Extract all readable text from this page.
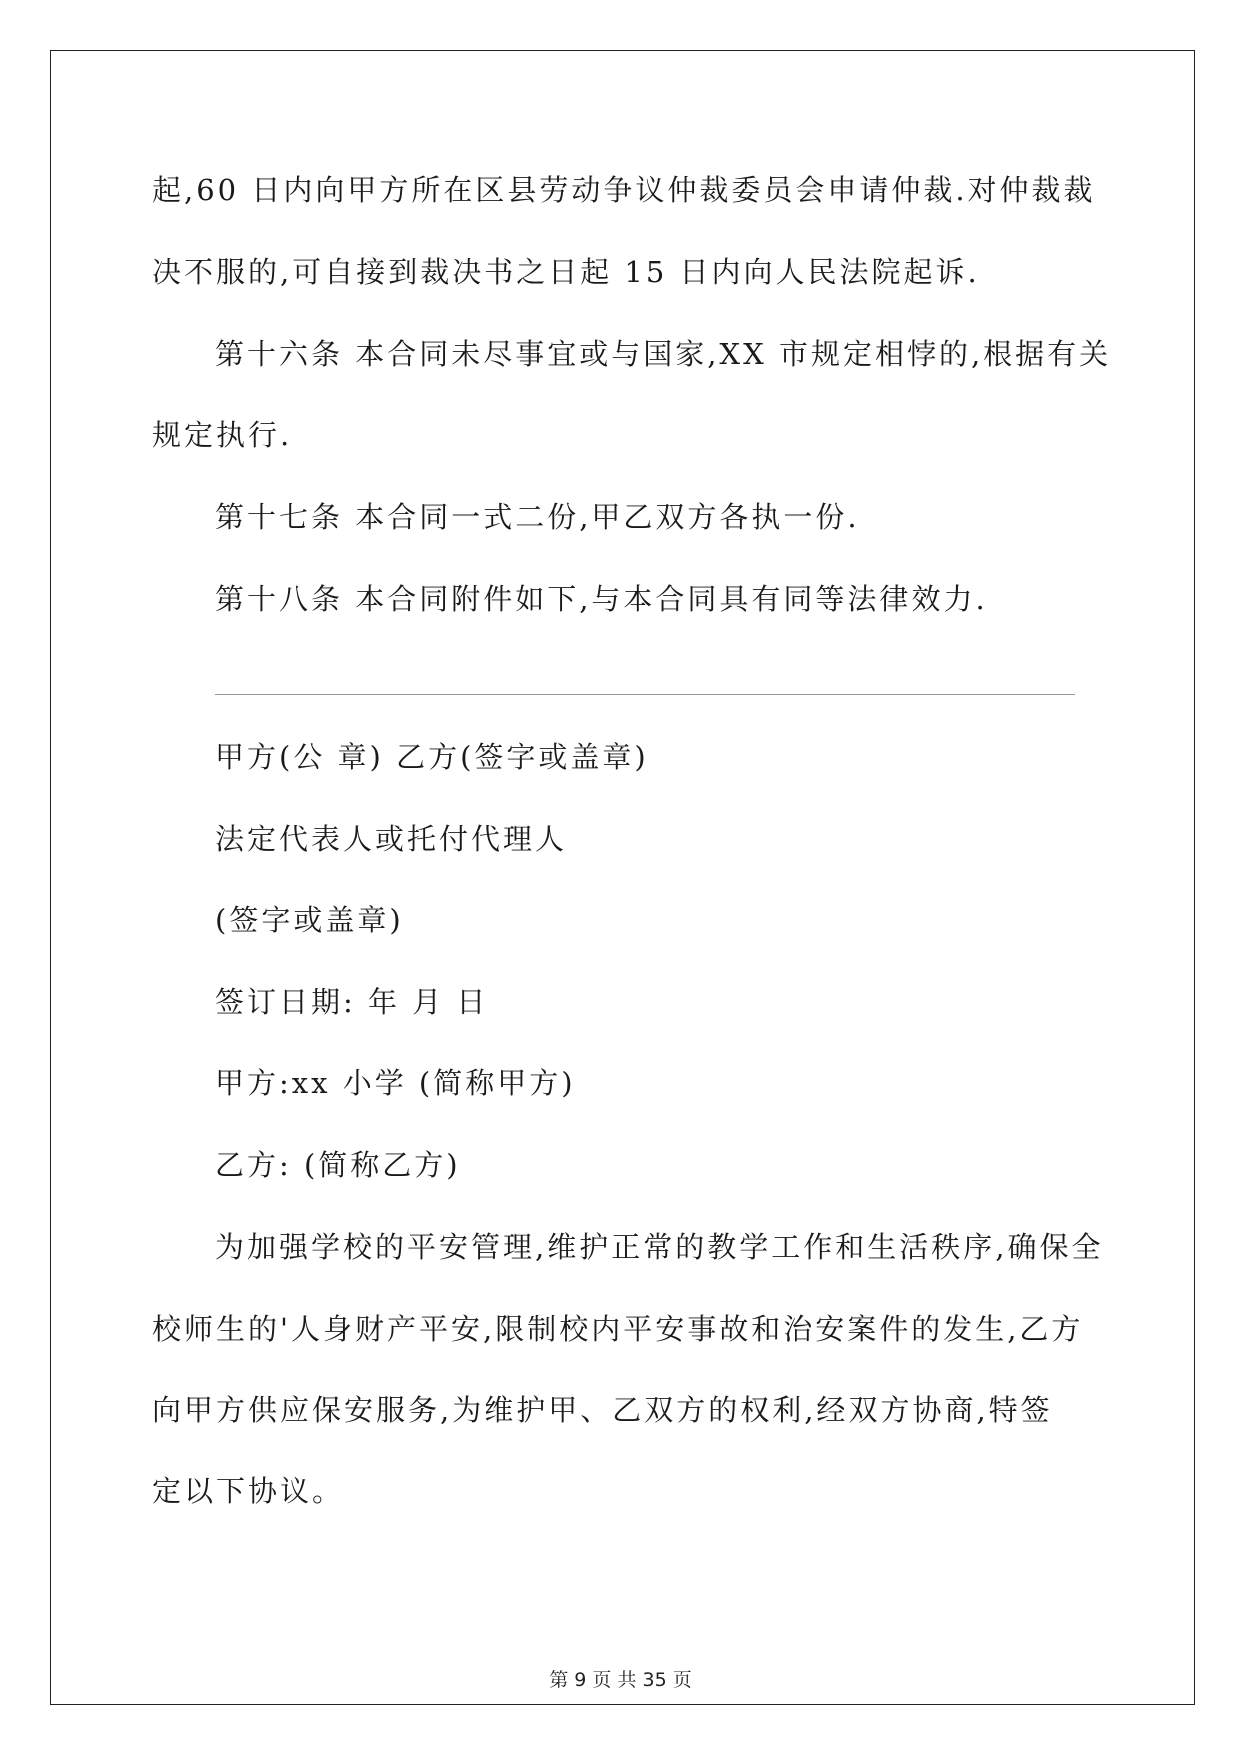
起,60 日内向甲方所在区县劳动争议仲裁委员会申请仲裁.对仲裁裁
决不服的,可自接到裁决书之日起 15 日内向人民法院起诉.
第十六条 本合同未尽事宜或与国家,XX 市规定相悖的,根据有关
规定执行.
第十七条 本合同一式二份,甲乙双方各执一份.
第十八条 本合同附件如下,与本合同具有同等法律效力.
甲方(公 章) 乙方(签字或盖章)
法定代表人或托付代理人
(签字或盖章)
签订日期: 年 月 日
甲方:xx 小学 (简称甲方)
乙方: (简称乙方)
为加强学校的平安管理,维护正常的教学工作和生活秩序,确保全
校师生的'人身财产平安,限制校内平安事故和治安案件的发生,乙方
向甲方供应保安服务,为维护甲、乙双方的权利,经双方协商,特签
定以下协议。
第 9 页 共 35 页
